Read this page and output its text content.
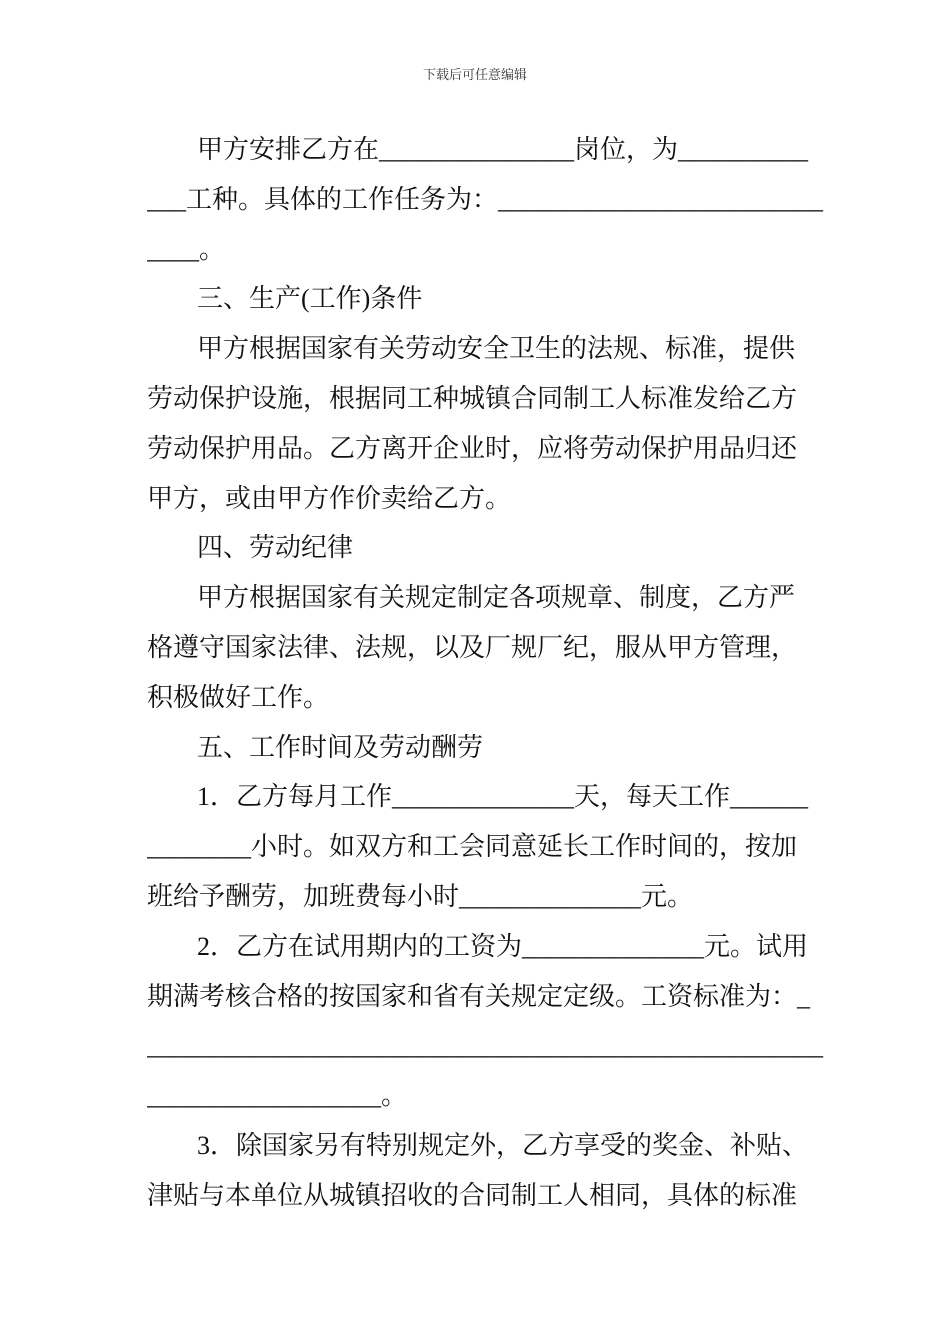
下载后可任意编辑
甲方安排乙方在_______________岗位，为__________
___工种。具体的工作任务为：_________________________
____。
三、生产(工作)条件
甲方根据国家有关劳动安全卫生的法规、标准，提供
劳动保护设施，根据同工种城镇合同制工人标准发给乙方
劳动保护用品。乙方离开企业时，应将劳动保护用品归还
甲方，或由甲方作价卖给乙方。
四、劳动纪律
甲方根据国家有关规定制定各项规章、制度，乙方严
格遵守国家法律、法规，以及厂规厂纪，服从甲方管理，
积极做好工作。
五、工作时间及劳动酬劳
1．乙方每月工作______________天，每天工作______
________小时。如双方和工会同意延长工作时间的，按加
班给予酬劳，加班费每小时______________元。
2．乙方在试用期内的工资为______________元。试用
期满考核合格的按国家和省有关规定定级。工资标准为：_
____________________________________________________
__________________。
3．除国家另有特别规定外，乙方享受的奖金、补贴、
津贴与本单位从城镇招收的合同制工人相同，具体的标准
